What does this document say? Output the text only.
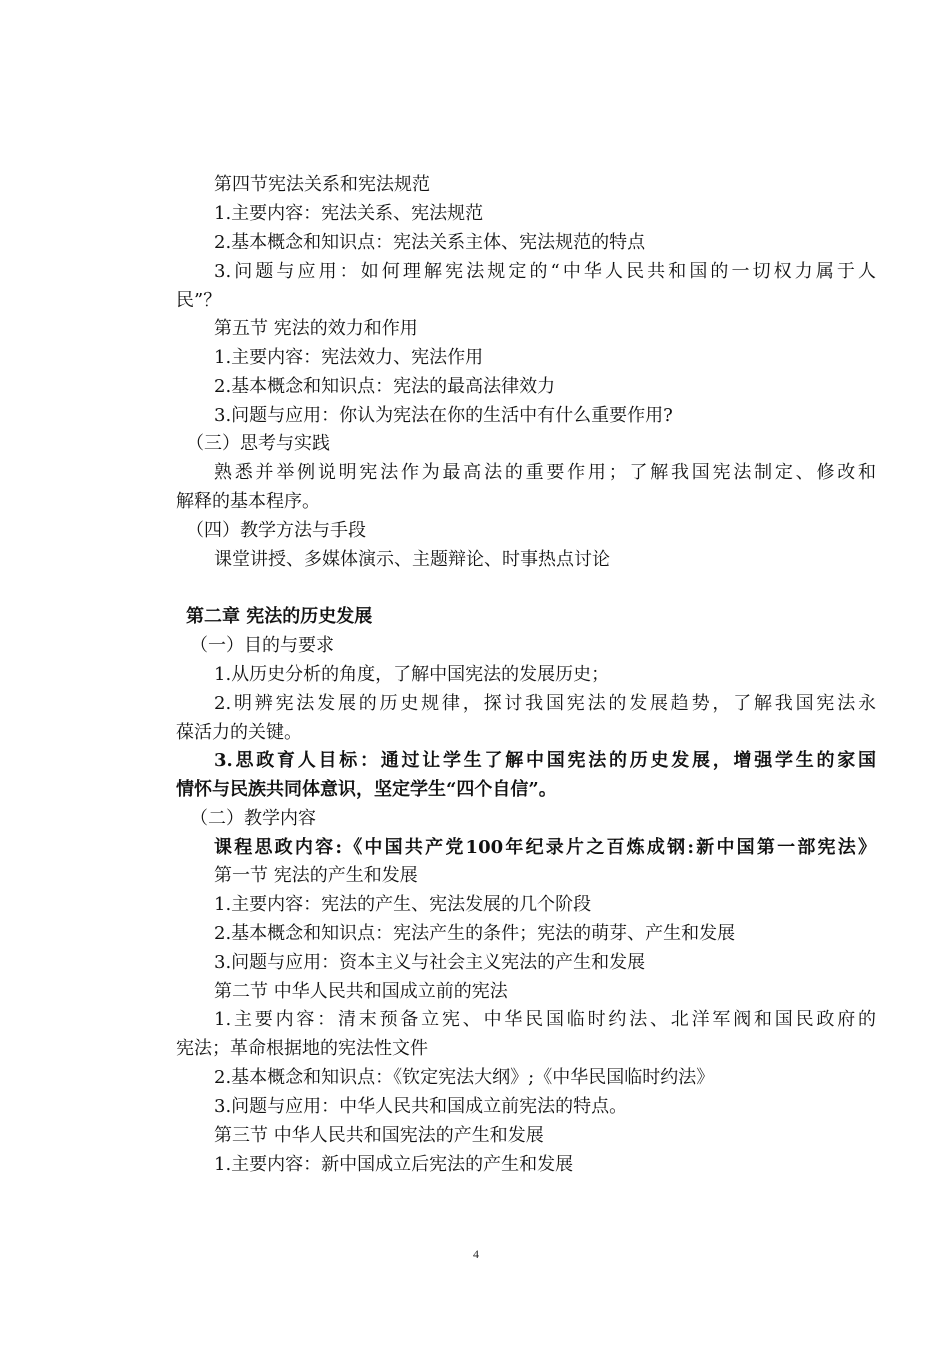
第四节宪法关系和宪法规范
1.主要内容：宪法关系、宪法规范
2.基本概念和知识点：宪法关系主体、宪法规范的特点
3.问题与应用：如何理解宪法规定的“中华人民共和国的一切权力属于人
民”？
第五节 宪法的效力和作用
1.主要内容：宪法效力、宪法作用
2.基本概念和知识点：宪法的最高法律效力
3.问题与应用：你认为宪法在你的生活中有什么重要作用?
（三）思考与实践
熟悉并举例说明宪法作为最高法的重要作用；了解我国宪法制定、修改和
解释的基本程序。
（四）教学方法与手段
课堂讲授、多媒体演示、主题辩论、时事热点讨论
第二章 宪法的历史发展
（一）目的与要求
1.从历史分析的角度，了解中国宪法的发展历史；
2.明辨宪法发展的历史规律，探讨我国宪法的发展趋势，了解我国宪法永
葆活力的关键。
3.思政育人目标：通过让学生了解中国宪法的历史发展，增强学生的家国
情怀与民族共同体意识，坚定学生“四个自信”。
（二）教学内容
课程思政内容:《中国共产党100年纪录片之百炼成钢:新中国第一部宪法》
第一节 宪法的产生和发展
1.主要内容：宪法的产生、宪法发展的几个阶段
2.基本概念和知识点：宪法产生的条件；宪法的萌芽、产生和发展
3.问题与应用：资本主义与社会主义宪法的产生和发展
第二节 中华人民共和国成立前的宪法
1.主要内容：清末预备立宪、中华民国临时约法、北洋军阀和国民政府的
宪法；革命根据地的宪法性文件
2.基本概念和知识点：《钦定宪法大纲》;《中华民国临时约法》
3.问题与应用：中华人民共和国成立前宪法的特点。
第三节 中华人民共和国宪法的产生和发展
1.主要内容：新中国成立后宪法的产生和发展
4
